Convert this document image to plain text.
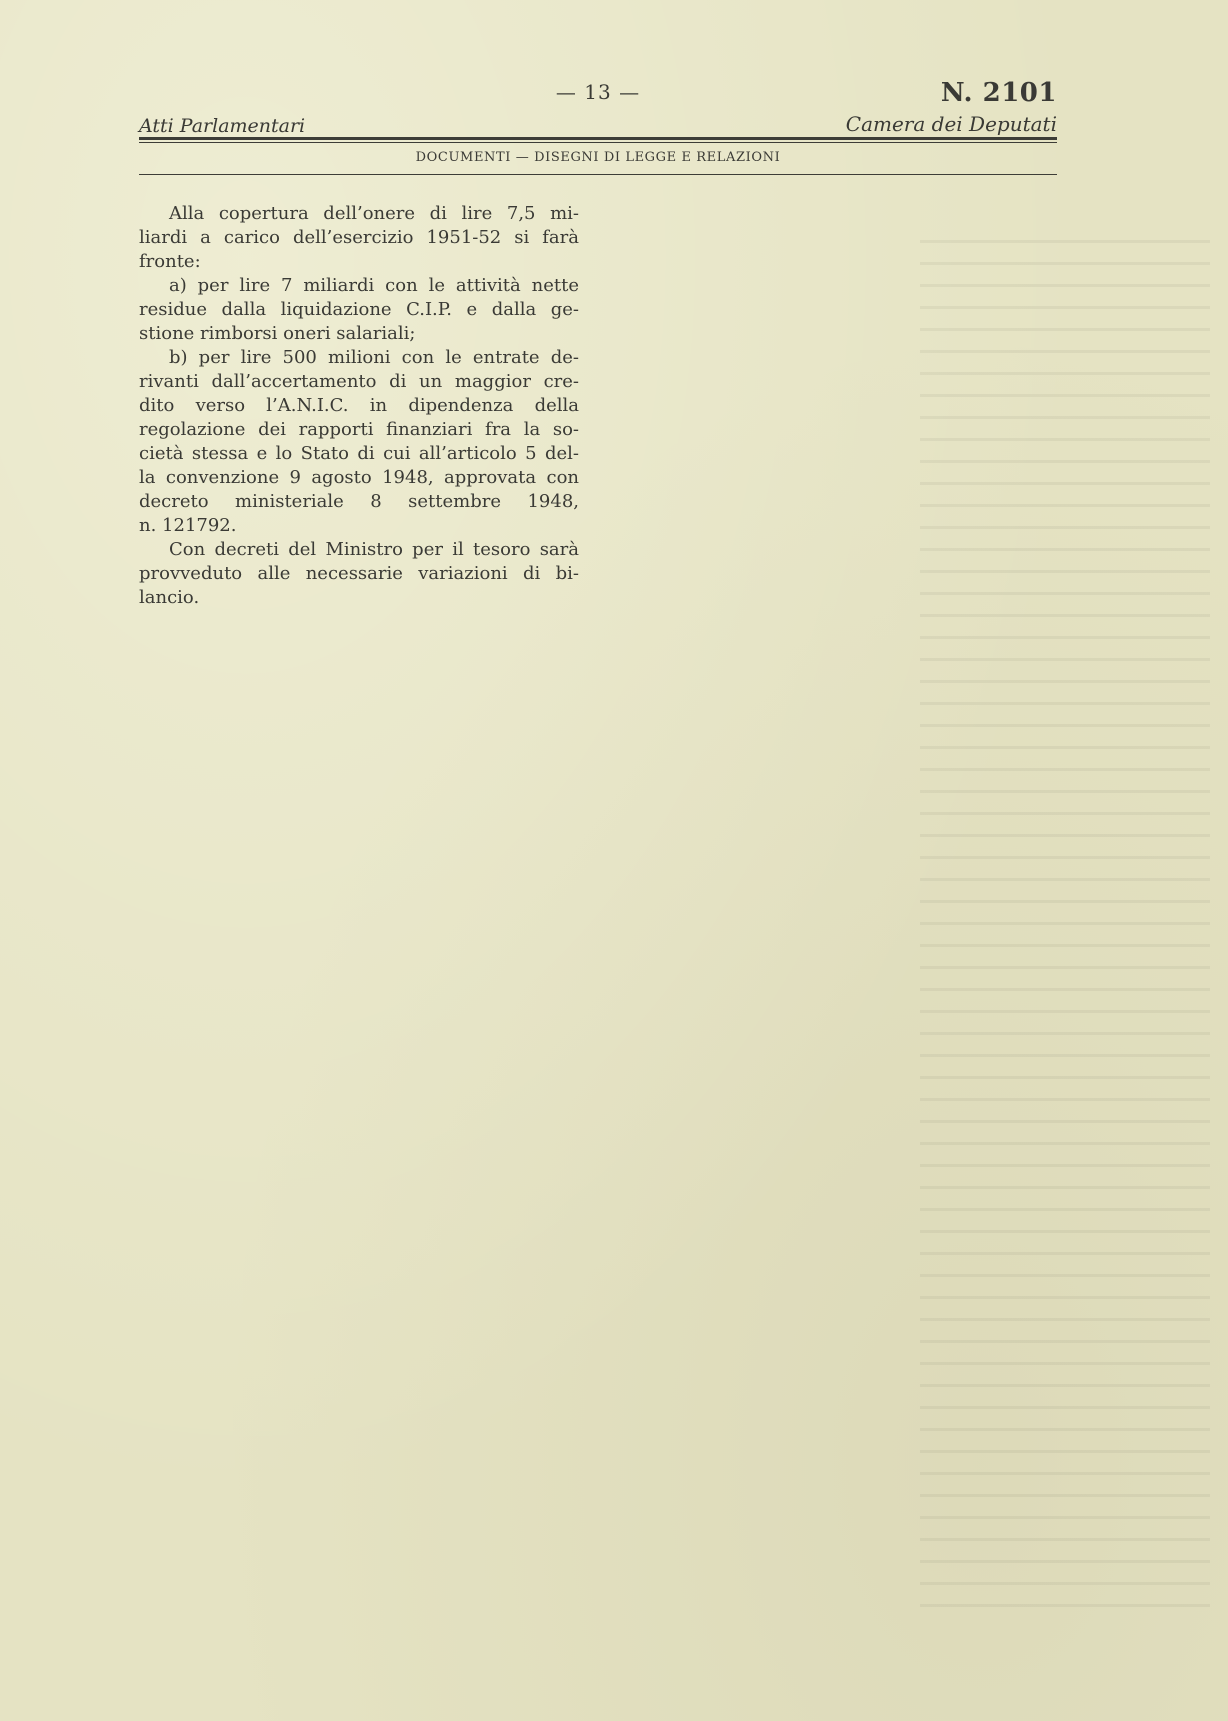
— 13 —	N. 2101
Atti Parlamentari	Camera dei Deputati
DOCUMENTI — DISEGNI DI LEGGE E RELAZIONI
Alla copertura dell’onere di lire 7,5 mi-
liardi a carico dell’esercizio 1951-52 si farà
fronte:
a) per lire 7 miliardi con le attività nette
residue dalla liquidazione C.I.P. e dalla ge-
stione rimborsi oneri salariali;
b) per lire 500 milioni con le entrate de-
rivanti dall’accertamento di un maggior cre-
dito verso l’A.N.I.C. in dipendenza della
regolazione dei rapporti finanziari fra la so-
cietà stessa e lo Stato di cui all’articolo 5 del-
la convenzione 9 agosto 1948, approvata con
decreto ministeriale 8 settembre 1948,
n. 121792.
Con decreti del Ministro per il tesoro sarà
provveduto alle necessarie variazioni di bi-
lancio.
